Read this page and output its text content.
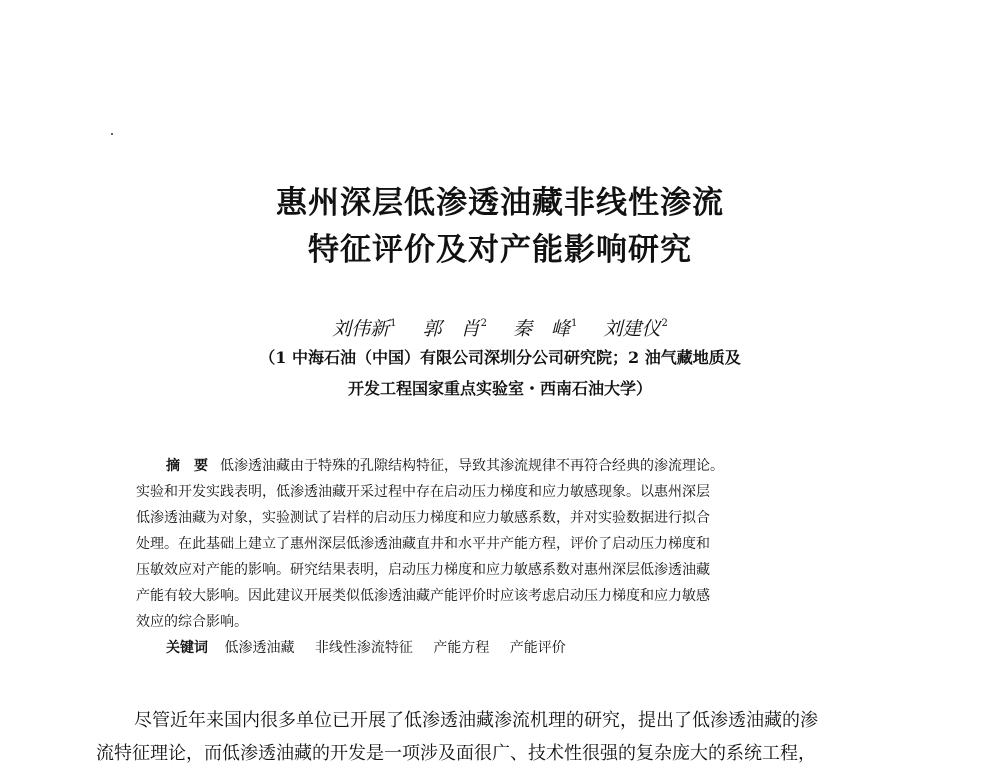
惠州深层低渗透油藏非线性渗流
特征评价及对产能影响研究
刘伟新$^1$ 郭　肖$^2$ 秦　峰$^1$ 刘建仪$^2$
（1 中海石油（中国）有限公司深圳分公司研究院；2 油气藏地质及
开发工程国家重点实验室・西南石油大学）
摘　要 低渗透油藏由于特殊的孔隙结构特征，导致其渗流规律不再符合经典的渗流理论。
实验和开发实践表明，低渗透油藏开采过程中存在启动压力梯度和应力敏感现象。以惠州深层
低渗透油藏为对象，实验测试了岩样的启动压力梯度和应力敏感系数，并对实验数据进行拟合
处理。在此基础上建立了惠州深层低渗透油藏直井和水平井产能方程，评价了启动压力梯度和
压敏效应对产能的影响。研究结果表明，启动压力梯度和应力敏感系数对惠州深层低渗透油藏
产能有较大影响。因此建议开展类似低渗透油藏产能评价时应该考虑启动压力梯度和应力敏感
效应的综合影响。
关键词 低渗透油藏 非线性渗流特征 产能方程 产能评价
尽管近年来国内很多单位已开展了低渗透油藏渗流机理的研究，提出了低渗透油藏的渗
流特征理论，而低渗透油藏的开发是一项涉及面很广、技术性很强的复杂庞大的系统工程，
